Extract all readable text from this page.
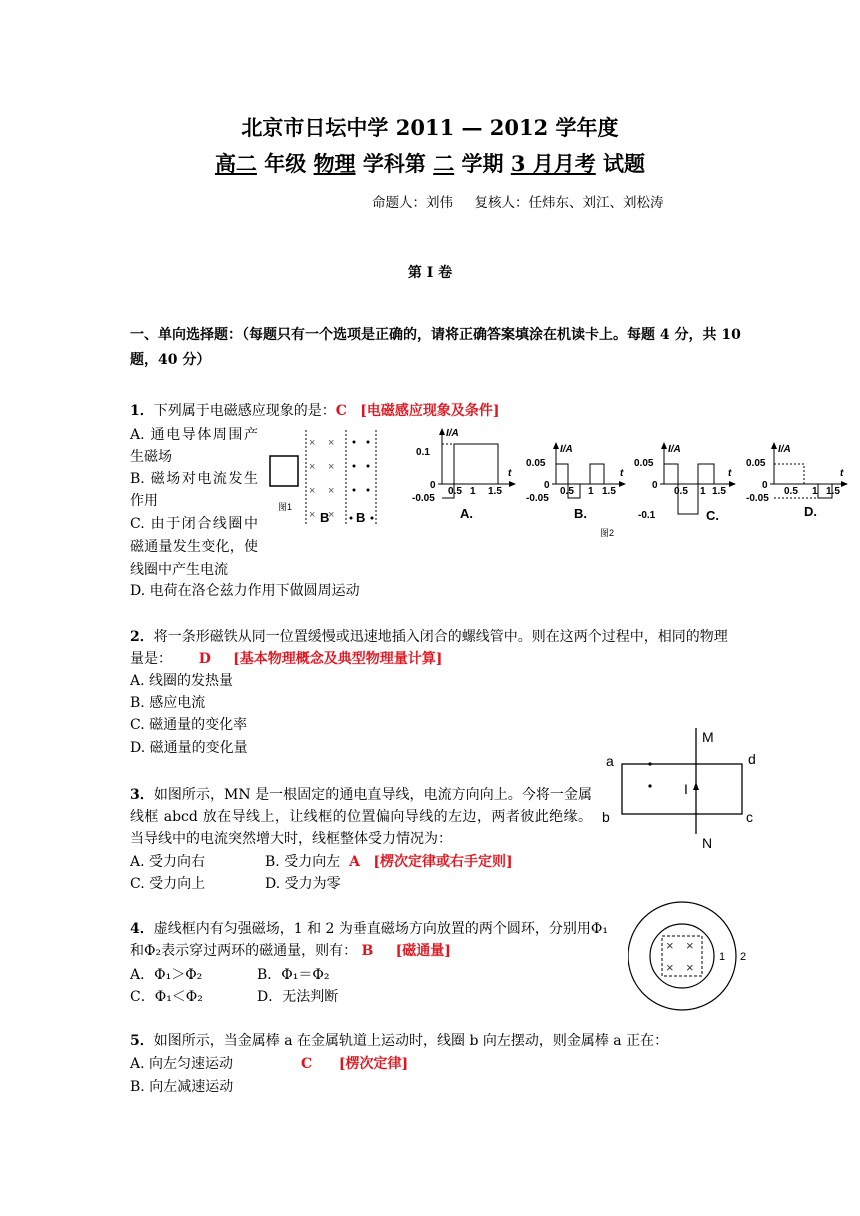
北京市日坛中学 2011 — 2012 学年度
高二 年级 物理 学科第 二 学期 3 月月考 试题
命题人：刘伟     复核人：任炜东、刘江、刘松涛
第 I 卷
一、单向选择题：（每题只有一个选项是正确的，请将正确答案填涂在机读卡上。每题 4 分，共 10 题，40 分）
1．下列属于电磁感应现象的是：C [电磁感应现象及条件]
A. 通电导体周围产生磁场
B. 磁场对电流发生作用
C. 由于闭合线圈中磁通量发生变化，使线圈中产生电流
D. 电荷在洛仑兹力作用下做圆周运动
图1
× ×
× ×
× ×
× ×
B B
I/A
t
0.1
0
-0.05
0.5 1 1.5
A.
I/A
t
0.05
0
-0.05
0.5 1 1.5
B.
I/A
t
0.05
0
-0.1
0.5 1 1.5
C.
I/A
t
0.05
0
-0.05
0.5 1 1.5
D.
图2
2．将一条形磁铁从同一位置缓慢或迅速地插入闭合的螺线管中。则在这两个过程中，相同的物理量是： D [基本物理概念及典型物理量计算]
A. 线圈的发热量
B. 感应电流
C. 磁通量的变化率
D. 磁通量的变化量
3．如图所示，MN 是一根固定的通电直导线，电流方向向上。今将一金属线框 abcd 放在导线上，让线框的位置偏向导线的左边，两者彼此绝缘。当导线中的电流突然增大时，线框整体受力情况为：
A. 受力向右	B. 受力向左 A [楞次定律或右手定则]
C. 受力向上	D. 受力为零
M
N
I
a
b	c
d
4．虚线框内有匀强磁场，1 和 2 为垂直磁场方向放置的两个圆环，分别用Φ₁和Φ₂表示穿过两环的磁通量，则有： B [磁通量]
A．Φ₁＞Φ₂	B．Φ₁＝Φ₂
C．Φ₁＜Φ₂	D．无法判断
× ×
× ×
1 2
5．如图所示，当金属棒 a 在金属轨道上运动时，线圈 b 向左摆动，则金属棒 a 正在：
A. 向左匀速运动	C [楞次定律]
B. 向左减速运动
